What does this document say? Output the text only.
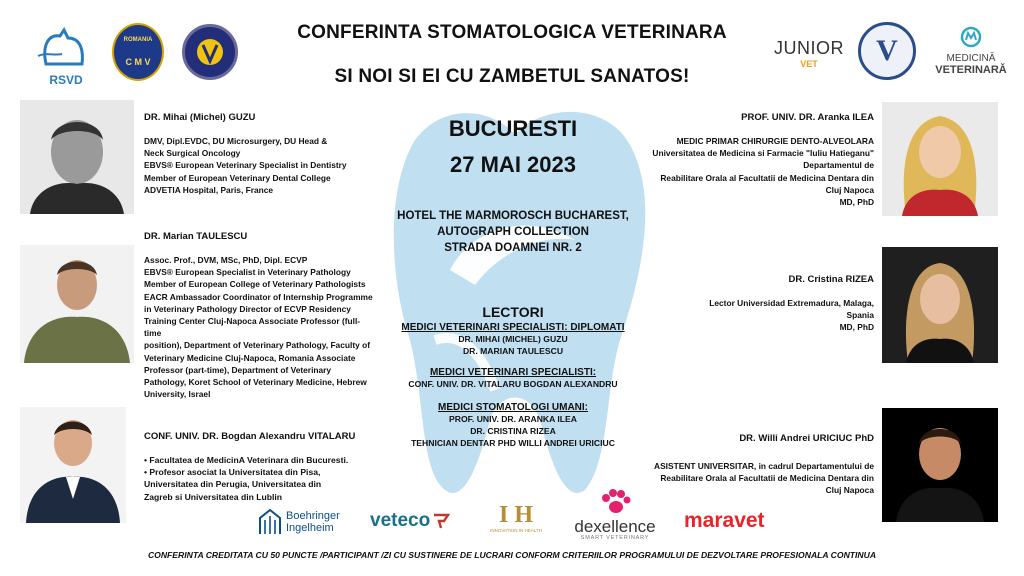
CONFERINTA STOMATOLOGICA VETERINARA
SI NOI SI EI CU ZAMBETUL SANATOS!
RSVD
ROMANIA
C M V
JUNIOR
VET	V	MEDICINĂ
VETERINARĂ
DR. Mihai (Michel) GUZU
DMV, Dipl.EVDC, DU Microsurgery, DU Head &
Neck Surgical Oncology
EBVS® European Veterinary Specialist in Dentistry
Member of European Veterinary Dental College
ADVETIA Hospital, Paris, France
DR. Marian TAULESCU
Assoc. Prof., DVM, MSc, PhD, Dipl. ECVP
EBVS® European Specialist in Veterinary Pathology
Member of European College of Veterinary Pathologists
EACR Ambassador Coordinator of Internship Programme
in Veterinary Pathology Director of ECVP Residency
Training Center Cluj-Napoca Associate Professor (full-time
position), Department of Veterinary Pathology, Faculty of
Veterinary Medicine Cluj-Napoca, Romania Associate
Professor (part-time), Department of Veterinary
Pathology, Koret School of Veterinary Medicine, Hebrew
University, Israel
CONF. UNIV. DR. Bogdan Alexandru VITALARU
• Facultatea de MedicinA Veterinara din Bucuresti.
• Profesor asociat la Universitatea din Pisa,
Universitatea din Perugia, Universitatea din
Zagreb si Universitatea din Lublin
PROF. UNIV. DR. Aranka ILEA
MEDIC PRIMAR CHIRURGIE DENTO-ALVEOLARA
Universitatea de Medicina si Farmacie "Iuliu Hatieganu"
Departamentul de
Reabilitare Orala al Facultatii de Medicina Dentara din
Cluj Napoca
MD, PhD
DR. Cristina RIZEA
Lector Universidad Extremadura, Malaga,
Spania
MD, PhD
DR. Willi Andrei URICIUC PhD
ASISTENT UNIVERSITAR, in cadrul Departamentului de
Reabilitare Orala al Facultatii de Medicina Dentara din
Cluj Napoca
BUCURESTI
27 MAI 2023
HOTEL THE MARMOROSCH BUCHAREST,
AUTOGRAPH COLLECTION
STRADA DOAMNEI NR. 2
LECTORI
MEDICI VETERINARI SPECIALISTI: DIPLOMATI
DR. MIHAI (MICHEL) GUZU
DR. MARIAN TAULESCU
MEDICI VETERINARI SPECIALISTI:
CONF. UNIV. DR. VITALARU BOGDAN ALEXANDRU
MEDICI STOMATOLOGI UMANI:
PROF. UNIV. DR. ARANKA ILEA
DR. CRISTINA RIZEA
TEHNICIAN DENTAR PHD WILLI ANDREI URICIUC
Boehringer
Ingelheim	veteco	I H
INNOVATION IN HEALTH	dexellence
SMART VETERINARY
maravet
CONFERINTA CREDITATA CU 50 PUNCTE /PARTICIPANT /ZI CU SUSTINERE DE LUCRARI CONFORM CRITERIILOR PROGRAMULUI DE DEZVOLTARE PROFESIONALA CONTINUA
